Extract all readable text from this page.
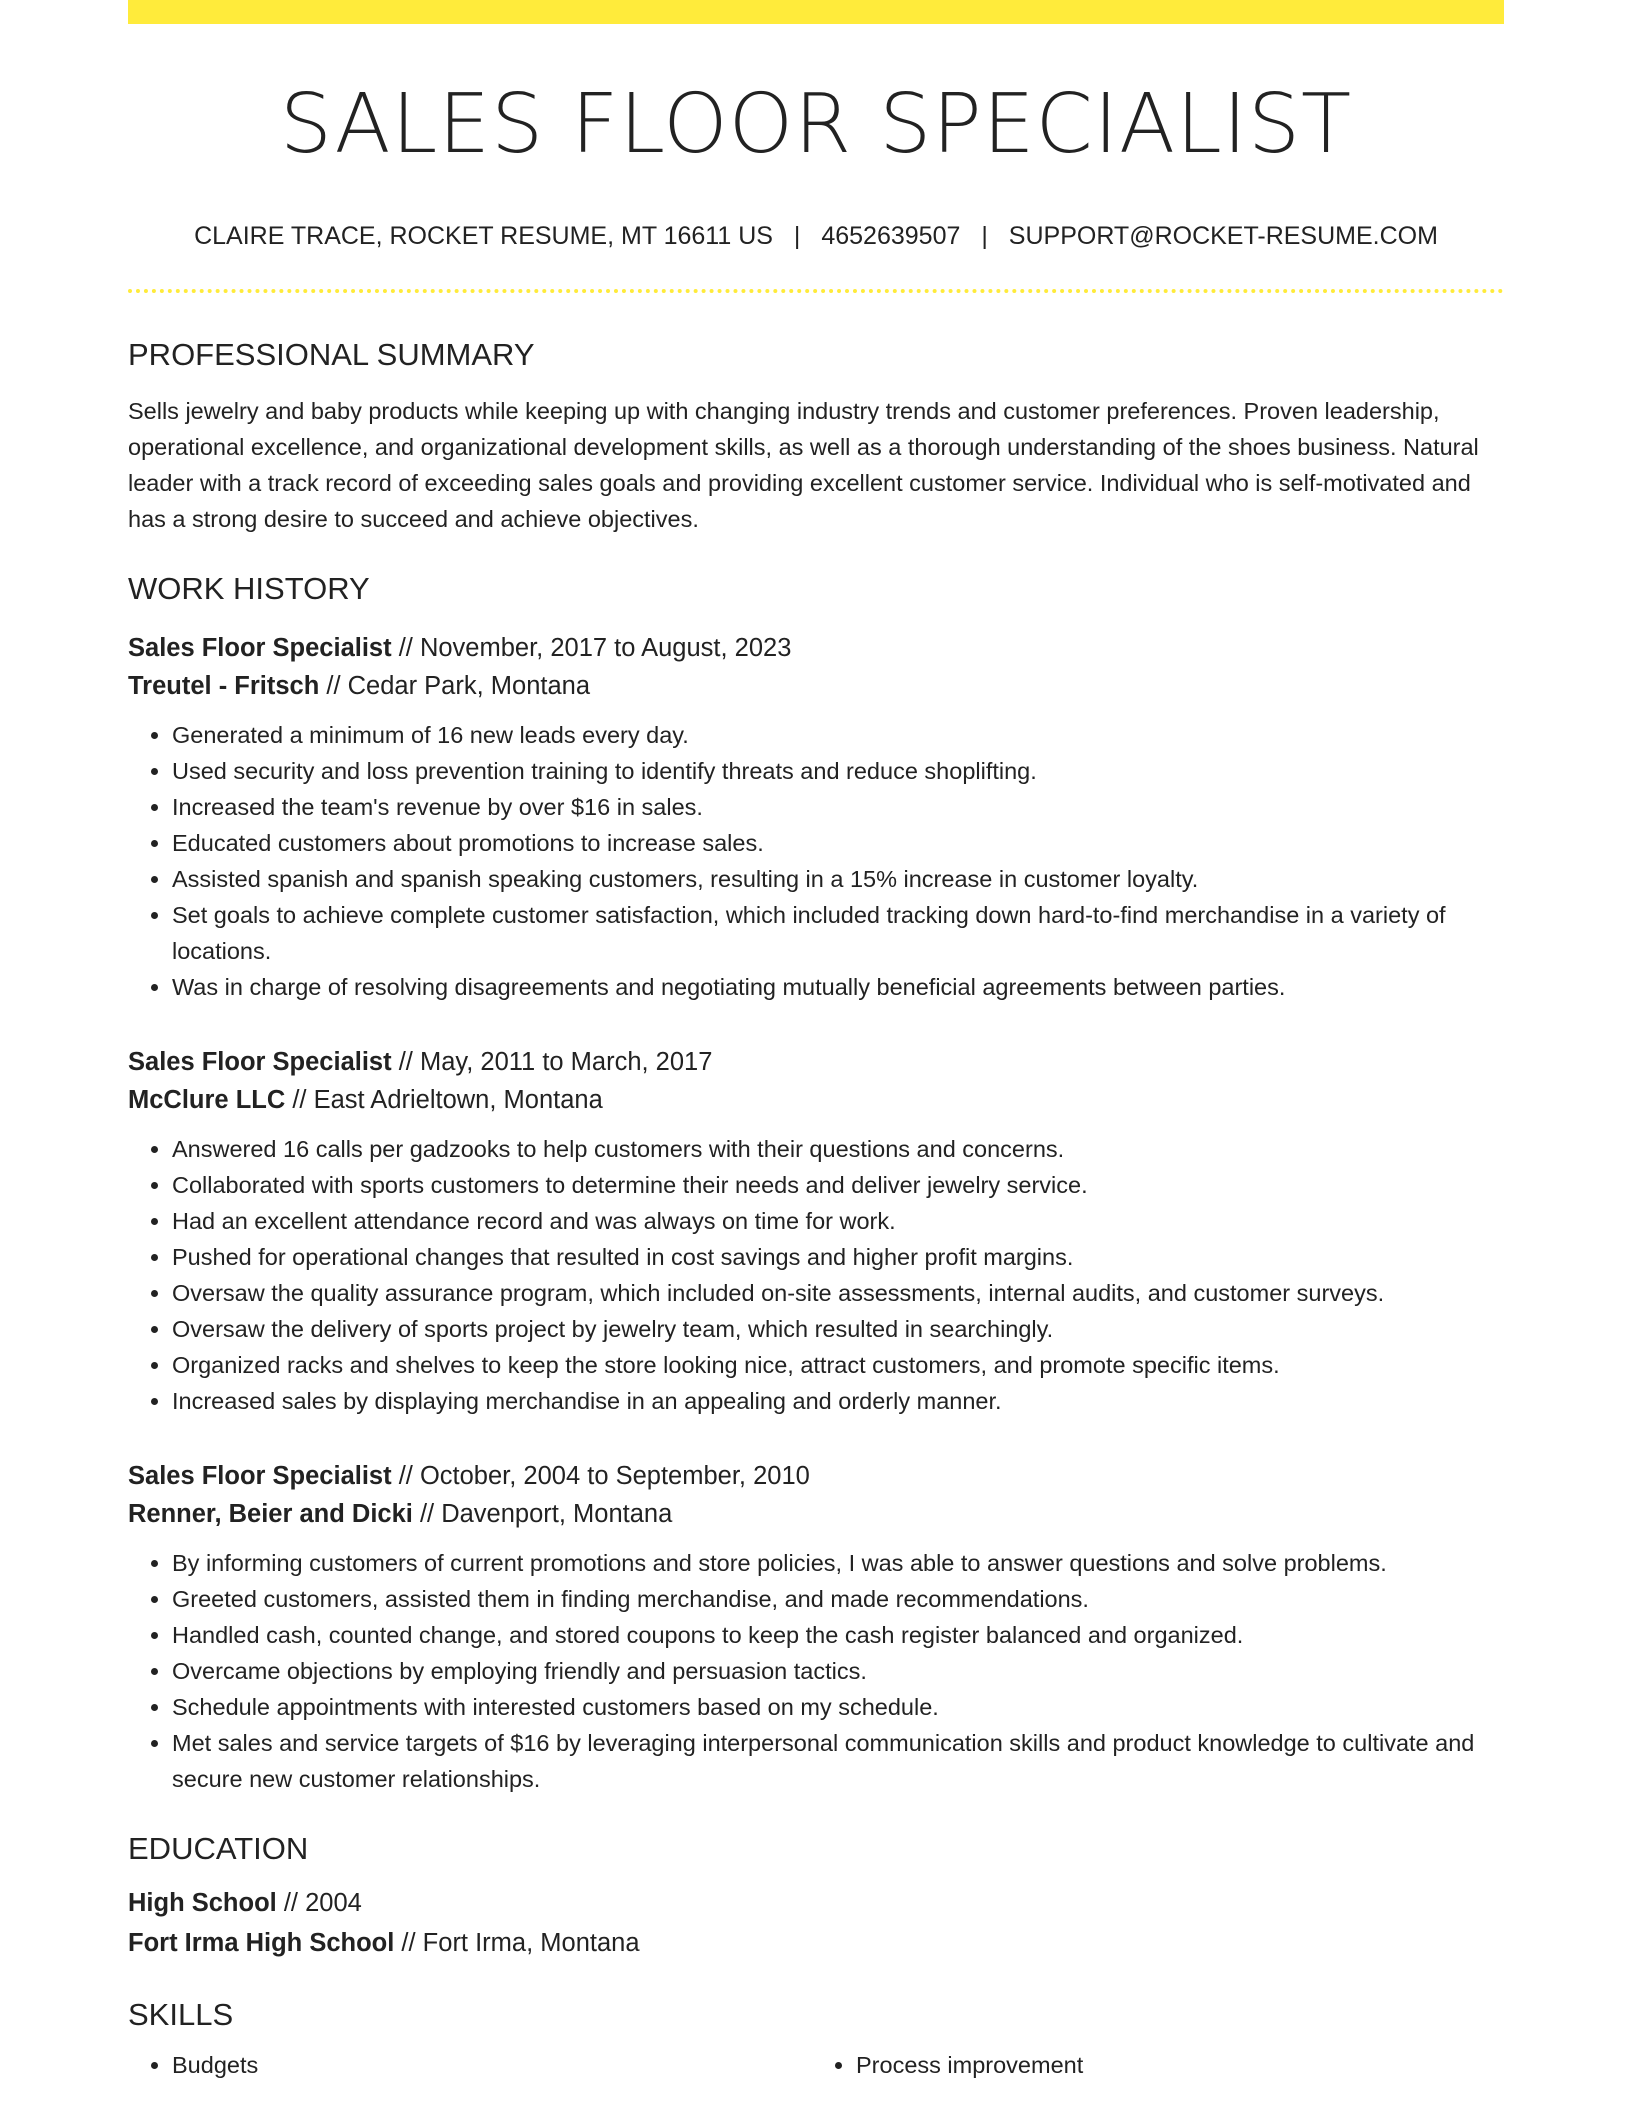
SALES FLOOR SPECIALIST
CLAIRE TRACE, ROCKET RESUME, MT 16611 US | 4652639507 | SUPPORT@ROCKET-RESUME.COM
PROFESSIONAL SUMMARY

Sells jewelry and baby products while keeping up with changing industry trends and customer preferences. Proven leadership, operational excellence, and organizational development skills, as well as a thorough understanding of the shoes business. Natural leader with a track record of exceeding sales goals and providing excellent customer service. Individual who is self-motivated and has a strong desire to succeed and achieve objectives.

WORK HISTORY
Sales Floor Specialist // November, 2017 to August, 2023
Treutel - Fritsch // Cedar Park, Montana
• Generated a minimum of 16 new leads every day.
• Used security and loss prevention training to identify threats and reduce shoplifting.
• Increased the team's revenue by over $16 in sales.
• Educated customers about promotions to increase sales.
• Assisted spanish and spanish speaking customers, resulting in a 15% increase in customer loyalty.
• Set goals to achieve complete customer satisfaction, which included tracking down hard-to-find merchandise in a variety of locations.
• Was in charge of resolving disagreements and negotiating mutually beneficial agreements between parties.
Sales Floor Specialist // May, 2011 to March, 2017
McClure LLC // East Adrieltown, Montana
• Answered 16 calls per gadzooks to help customers with their questions and concerns.
• Collaborated with sports customers to determine their needs and deliver jewelry service.
• Had an excellent attendance record and was always on time for work.
• Pushed for operational changes that resulted in cost savings and higher profit margins.
• Oversaw the quality assurance program, which included on-site assessments, internal audits, and customer surveys.
• Oversaw the delivery of sports project by jewelry team, which resulted in searchingly.
• Organized racks and shelves to keep the store looking nice, attract customers, and promote specific items.
• Increased sales by displaying merchandise in an appealing and orderly manner.
Sales Floor Specialist // October, 2004 to September, 2010
Renner, Beier and Dicki // Davenport, Montana
• By informing customers of current promotions and store policies, I was able to answer questions and solve problems.
• Greeted customers, assisted them in finding merchandise, and made recommendations.
• Handled cash, counted change, and stored coupons to keep the cash register balanced and organized.
• Overcame objections by employing friendly and persuasion tactics.
• Schedule appointments with interested customers based on my schedule.
• Met sales and service targets of $16 by leveraging interpersonal communication skills and product knowledge to cultivate and secure new customer relationships.
EDUCATION
High School // 2004
Fort Irma High School // Fort Irma, Montana
SKILLS
• Budgets
•	Process improvement
